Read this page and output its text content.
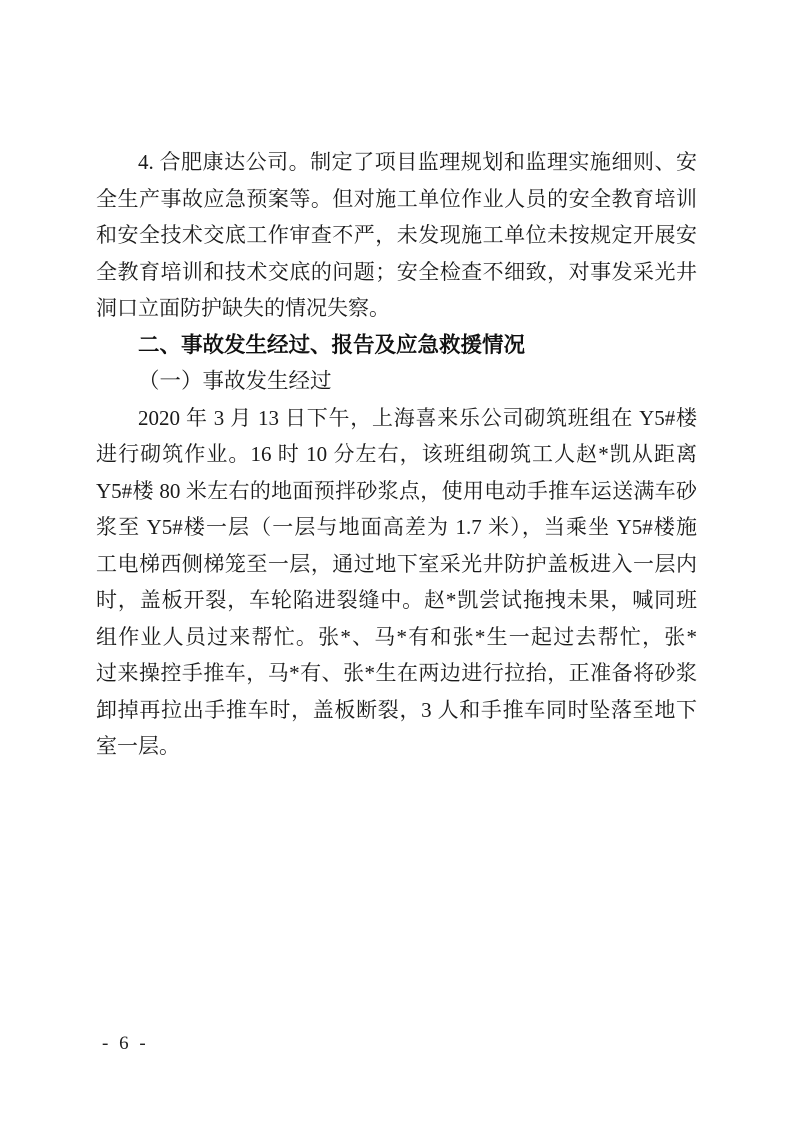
4. 合肥康达公司。制定了项目监理规划和监理实施细则、安
全生产事故应急预案等。但对施工单位作业人员的安全教育培训
和安全技术交底工作审查不严，未发现施工单位未按规定开展安
全教育培训和技术交底的问题；安全检查不细致，对事发采光井
洞口立面防护缺失的情况失察。
二、事故发生经过、报告及应急救援情况
（一）事故发生经过
2020 年 3 月 13 日下午，上海喜来乐公司砌筑班组在 Y5#楼
进行砌筑作业。16 时 10 分左右，该班组砌筑工人赵*凯从距离
Y5#楼 80 米左右的地面预拌砂浆点，使用电动手推车运送满车砂
浆至 Y5#楼一层（一层与地面高差为 1.7 米），当乘坐 Y5#楼施
工电梯西侧梯笼至一层，通过地下室采光井防护盖板进入一层内
时，盖板开裂，车轮陷进裂缝中。赵*凯尝试拖拽未果，喊同班
组作业人员过来帮忙。张*、马*有和张*生一起过去帮忙，张*
过来操控手推车，马*有、张*生在两边进行拉抬，正准备将砂浆
卸掉再拉出手推车时，盖板断裂，3 人和手推车同时坠落至地下
室一层。
- 6 -
